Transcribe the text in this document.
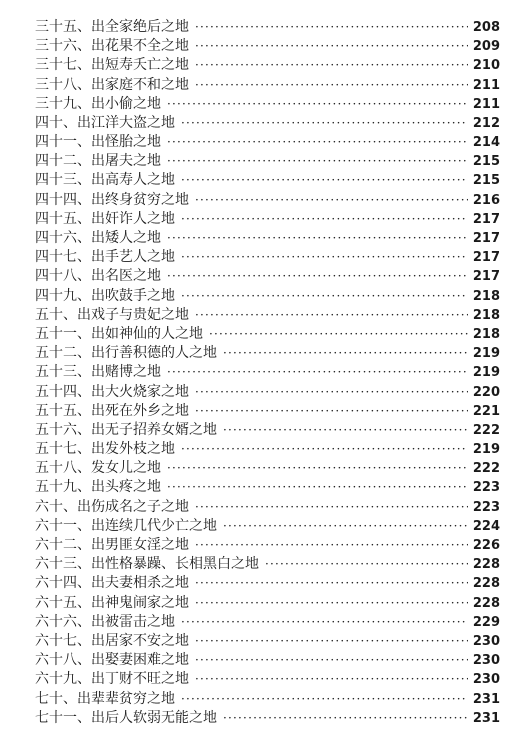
三十五、出全家绝后之地 ·····	208
三十六、出花果不全之地 ·····	209
三十七、出短寿夭亡之地 ·····	210
三十八、出家庭不和之地 ·····	211
三十九、出小偷之地 ·····	211
四十、出江洋大盗之地 ·····	212
四十一、出怪胎之地 ·····	214
四十二、出屠夫之地 ·····	215
四十三、出高寿人之地 ·····	215
四十四、出终身贫穷之地 ·····	216
四十五、出奸诈人之地 ·····	217
四十六、出矮人之地 ·····	217
四十七、出手艺人之地 ·····	217
四十八、出名医之地 ·····	217
四十九、出吹鼓手之地 ·····	218
五十、出戏子与贵妃之地 ·····	218
五十一、出如神仙的人之地 ·····	218
五十二、出行善积德的人之地 ·····	219
五十三、出赌博之地 ·····	219
五十四、出大火烧家之地 ·····	220
五十五、出死在外乡之地 ·····	221
五十六、出无子招养女婿之地 ·····	222
五十七、出发外枝之地 ·····	219
五十八、发女儿之地 ·····	222
五十九、出头疼之地 ·····	223
六十、出伤成名之子之地 ·····	223
六十一、出连续几代少亡之地 ·····	224
六十二、出男匪女淫之地 ·····	226
六十三、出性格暴躁、长相黑白之地 ·····	228
六十四、出夫妻相杀之地 ·····	228
六十五、出神鬼闹家之地 ·····	228
六十六、出被雷击之地 ·····	229
六十七、出居家不安之地 ·····	230
六十八、出娶妻困难之地 ·····	230
六十九、出丁财不旺之地 ·····	230
七十、出辈辈贫穷之地 ·····	231
七十一、出后人软弱无能之地 ·····	231
